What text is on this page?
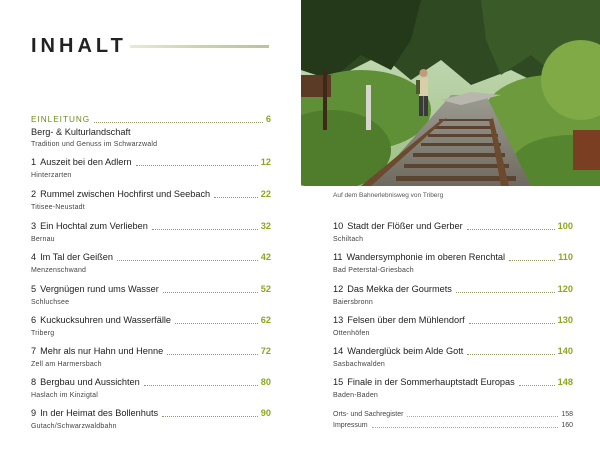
INHALT
Auf dem Bahnerlebnisweg von Triberg
EINLEITUNG	6
Berg- & Kulturlandschaft
Tradition und Genuss im Schwarzwald
1 Auszeit bei den Adlern	12
Hinterzarten
2 Rummel zwischen Hochfirst und Seebach	22
Titisee-Neustadt
3 Ein Hochtal zum Verlieben	32
Bernau
4 Im Tal der Geißen	42
Menzenschwand
5 Vergnügen rund ums Wasser	52
Schluchsee
6 Kuckucksuhren und Wasserfälle	62
Triberg
7 Mehr als nur Hahn und Henne	72
Zell am Harmersbach
8 Bergbau und Aussichten	80
Haslach im Kinzigtal
9 In der Heimat des Bollenhuts	90
Gutach/Schwarzwaldbahn
10 Stadt der Flößer und Gerber	100
Schiltach
11 Wandersymphonie im oberen Renchtal	110
Bad Peterstal-Griesbach
12 Das Mekka der Gourmets	120
Baiersbronn
13 Felsen über dem Mühlendorf	130
Ottenhöfen
14 Wanderglück beim Alde Gott	140
Sasbachwalden
15 Finale in der Sommerhauptstadt Europas	148
Baden-Baden
Orts- und Sachregister	158
Impressum	160
